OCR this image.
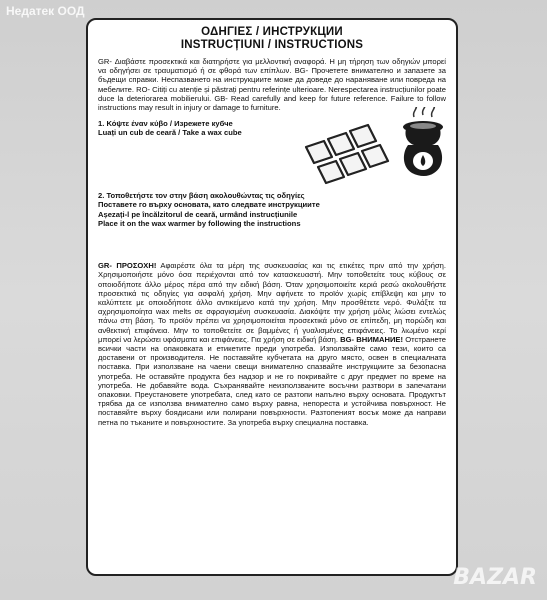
Недатек ООД
ΟΔΗΓΙΕΣ / ИНСТРУКЦИИ
INSTRUCȚIUNI / INSTRUCTIONS

GR- Διαβάστε προσεκτικά και διατηρήστε για μελλοντική αναφορά. Η μη τήρηση των οδηγιών μπορεί να οδηγήσει σε τραυματισμό ή σε φθορά των επίπλων. BG- Прочетете внимателно и запазете за бъдещи справки. Неспазването на инструкциите може да доведе до нараняване или повреда на мебелите. RO- Citiți cu atenție și păstrați pentru referințe ulterioare. Nerespectarea instrucțiunilor poate duce la deteriorarea mobilierului. GB- Read carefully and keep for future reference. Failure to follow instructions may result in injury or damage to furniture.

1. Κόψτε έναν κύβο / Изрежете кубче

Luați un cub de ceară / Take a wax cube

2. Τοποθετήστε τον στην βάση ακολουθώντας τις οδηγίες

Поставете го върху основата, като следвате инструкциите

Așezați-l pe încălzitorul de ceară, urmând instrucțiunile

Place it on the wax warmer by following the instructions

GR- ΠΡΟΣΟΧΗ! Αφαιρέστε όλα τα μέρη της συσκευασίας και τις ετικέτες πριν από την χρήση. Χρησιμοποιήστε μόνο όσα περιέχονται από τον κατασκευαστή. Μην τοποθετείτε τους κύβους σε οποιοδήποτε άλλο μέρος πέρα από την ειδική βάση. Όταν χρησιμοποιείτε κεριά ρεσώ ακολουθήστε προσεκτικά τις οδηγίες για ασφαλή χρήση. Μην αφήνετε το προϊόν χωρίς επίβλεψη και μην το καλύπτετε με οποιοδήποτε άλλο αντικείμενο κατά την χρήση. Μην προσθέτετε νερό. Φυλάξτε τα αχρησιμοποίητα wax melts σε σφραγισμένη συσκευασία. Διακόψτε την χρήση μόλις λιώσει εντελώς πάνω στη βάση. Το προϊόν πρέπει να χρησιμοποιείται προσεκτικά μόνο σε επίπεδη, μη πορώδη και ανθεκτική επιφάνεια. Μην το τοποθετείτε σε βαμμένες ή γυαλισμένες επιφάνειες. Το λιωμένο κερί μπορεί να λερώσει υφάσματα και επιφάνειες. Για χρήση σε ειδική βάση. BG- ВНИМАНИЕ! Отстранете всички части на опаковката и етикетите преди употреба. Използвайте само тези, които са доставени от производителя. Не поставяйте кубчетата на друго място, освен в специалната поставка. При използване на чаени свещи внимателно спазвайте инструкциите за безопасна употреба. Не оставяйте продукта без надзор и не го покривайте с друг предмет по време на употреба. Не добавяйте вода. Съхранявайте неизползваните восъчни разтвори в запечатани опаковки. Преустановете употребата, след като се разтопи напълно върху основата. Продуктът трябва да се използва внимателно само върху равна, непореста и устойчива повърхност. Не поставяйте върху боядисани или полирани повърхности. Разтопеният восък може да направи петна по тъканите и повърхностите. За употреба върху специална поставка.

BAZAR
